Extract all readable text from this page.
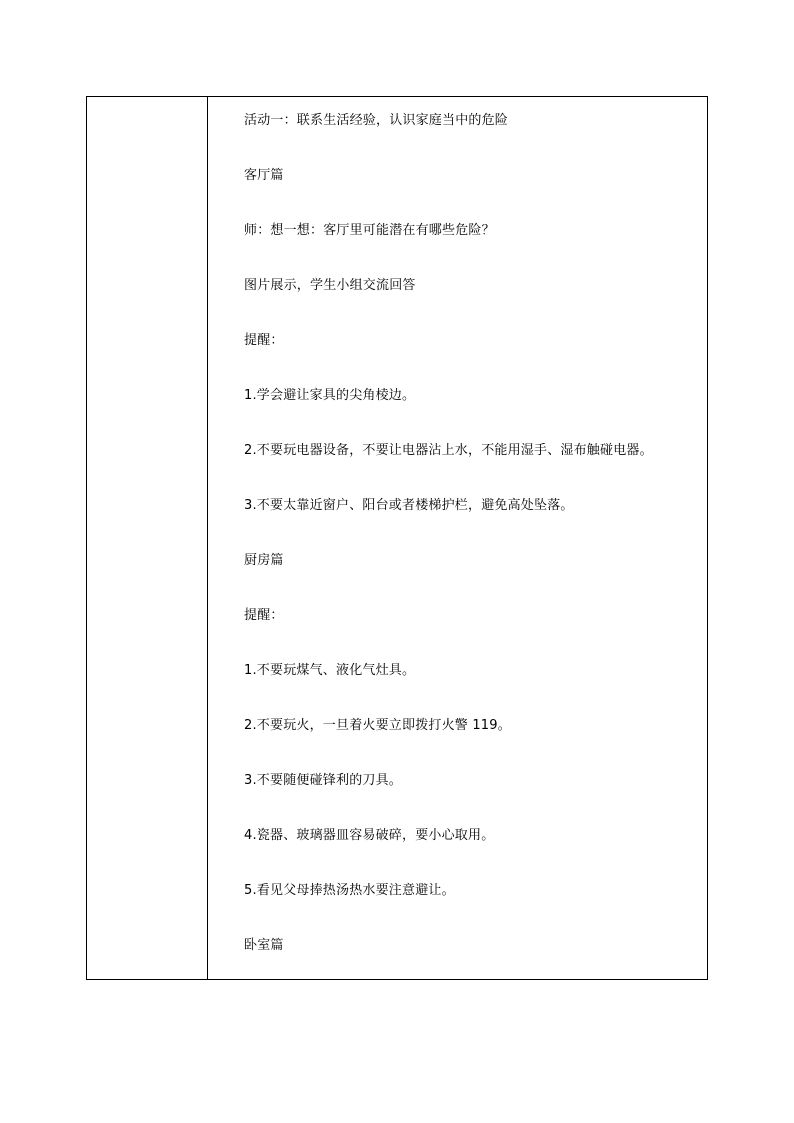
活动一：联系生活经验，认识家庭当中的危险
客厅篇
师：想一想：客厅里可能潜在有哪些危险？
图片展示，学生小组交流回答
提醒：
1.学会避让家具的尖角棱边。
2.不要玩电器设备，不要让电器沾上水，不能用湿手、湿布触碰电器。
3.不要太靠近窗户、阳台或者楼梯护栏，避免高处坠落。
厨房篇
提醒：
1.不要玩煤气、液化气灶具。
2.不要玩火，一旦着火要立即拨打火警 119。
3.不要随便碰锋利的刀具。
4.瓷器、玻璃器皿容易破碎，要小心取用。
5.看见父母捧热汤热水要注意避让。
卧室篇
